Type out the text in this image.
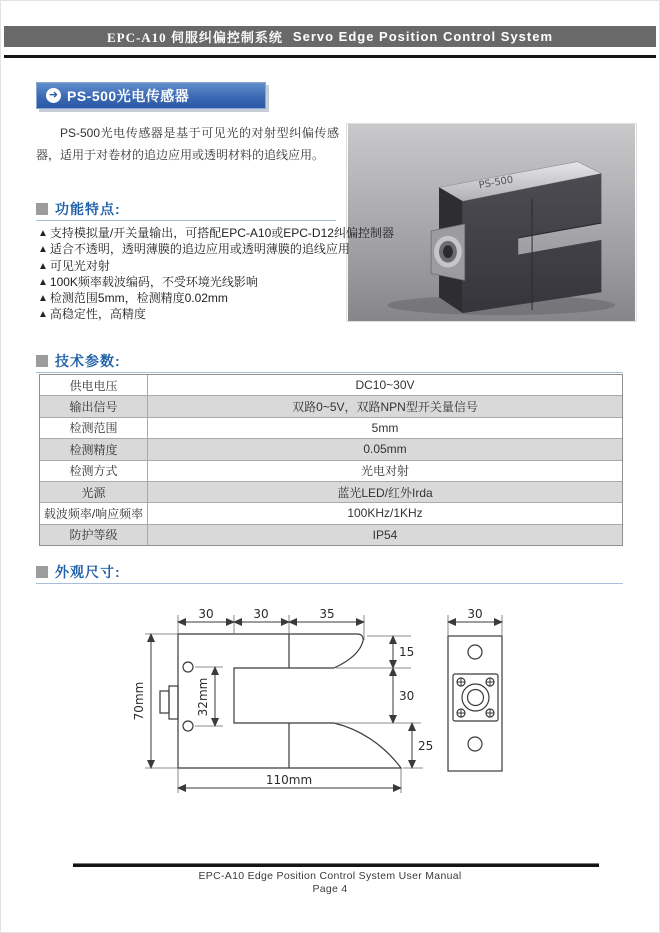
EPC-A10 伺服纠偏控制系统 Servo Edge Position Control System
➜ PS-500光电传感器
PS-500光电传感器是基于可见光的对射型纠偏传感器，适用于对卷材的追边应用或透明材料的追线应用。
PS-500
功能特点:
▲ 支持模拟量/开关量输出，可搭配EPC-A10或EPC-D12纠偏控制器
▲ 适合不透明，透明薄膜的追边应用或透明薄膜的追线应用
▲ 可见光对射
▲ 100K频率载波编码，不受环境光线影响
▲ 检测范围5mm，检测精度0.02mm
▲ 高稳定性，高精度
技术参数:
供电电压	DC10~30V
输出信号	双路0~5V，双路NPN型开关量信号
检测范围	5mm
检测精度	0.05mm
检测方式	光电对射
光源	蓝光LED/红外Irda
载波频率/响应频率	100KHz/1KHz
防护等级	IP54
外观尺寸:
30	30	35
70mm	32mm
15
30
25
110mm
30
EPC-A10 Edge Position Control System User Manual
Page 4
